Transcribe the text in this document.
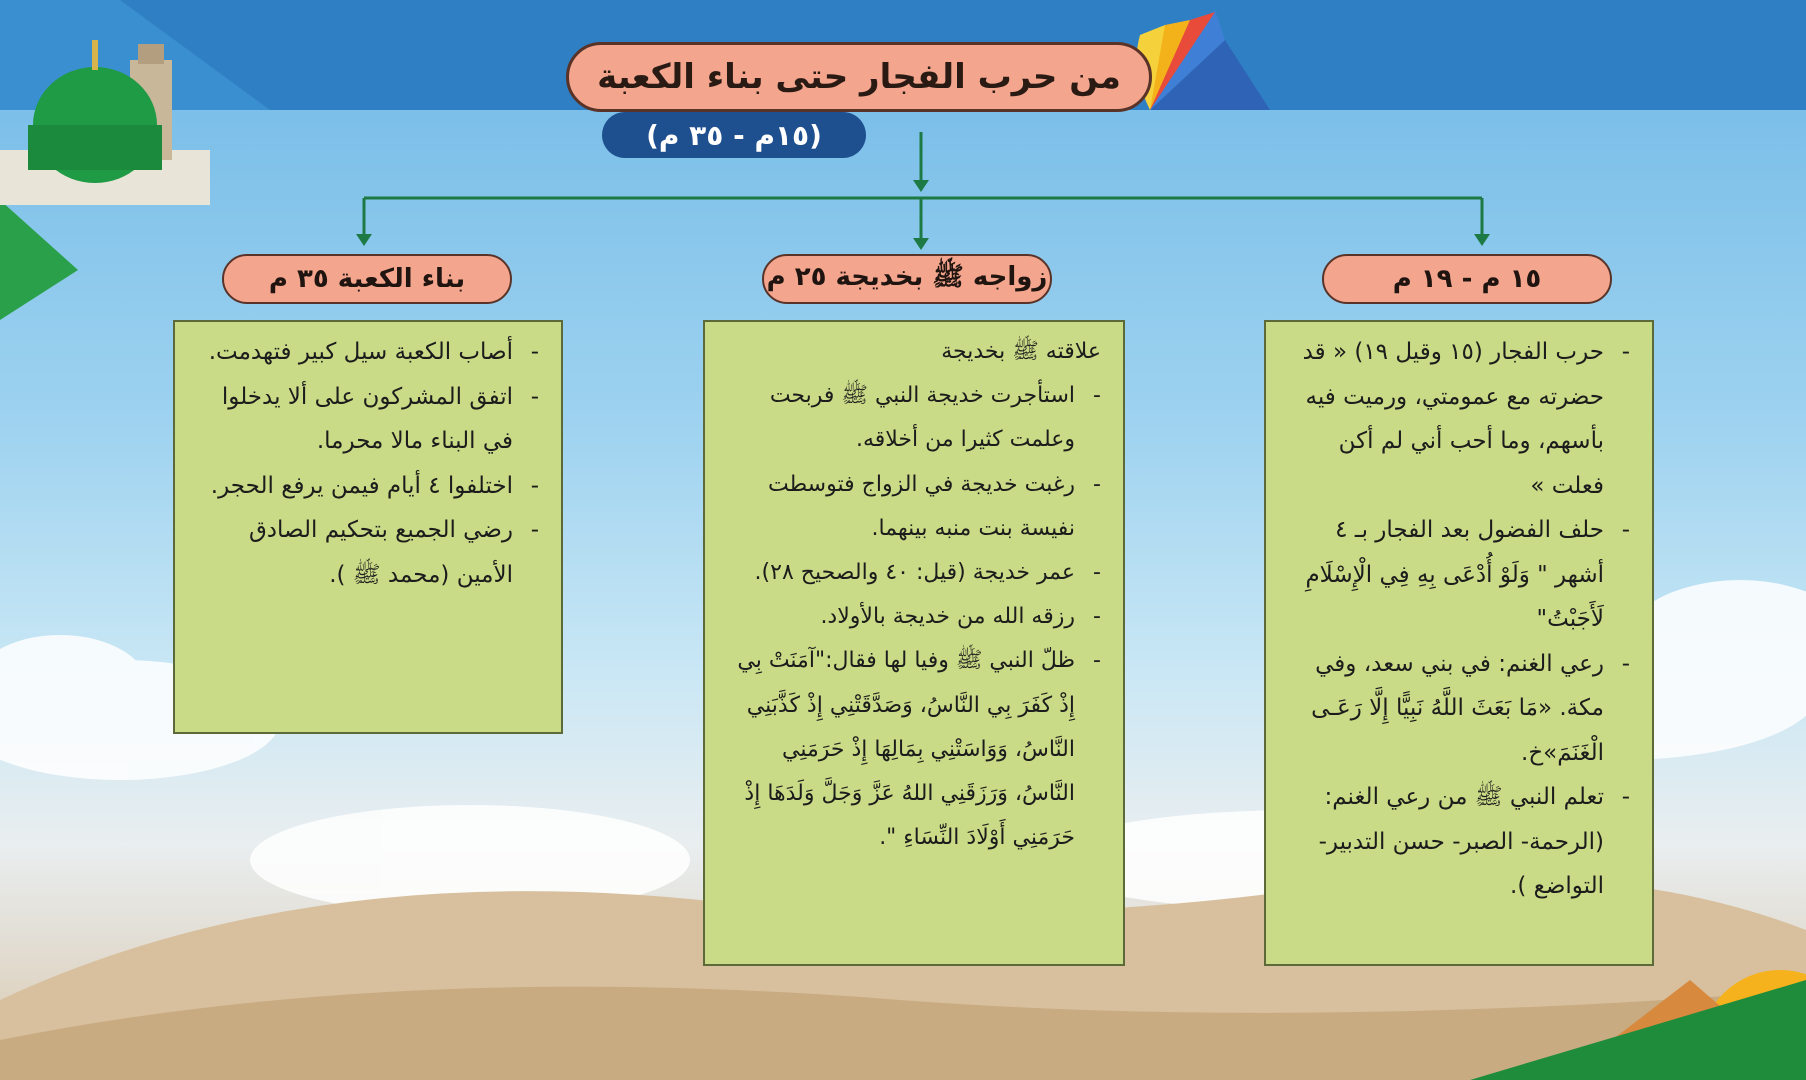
من حرب الفجار حتى بناء الكعبة
(١٥م - ٣٥ م)
١٥ م - ١٩ م
زواجه ﷺ بخديجة ٢٥ م
بناء الكعبة ٣٥ م
- حرب الفجار (١٥ وقيل ١٩) « قد حضرته مع عمومتي، ورميت فيه بأسهم، وما أحب أني لم أكن فعلت »
- حلف الفضول بعد الفجار بـ ٤ أشهر " وَلَوْ أُدْعَى بِهِ فِي الْإِسْلَامِ لَأَجَبْتُ"
- رعي الغنم: في بني سعد، وفي مكة. «مَا بَعَثَ اللَّهُ نَبِيًّا إِلَّا رَعَـى الْغَنَمَ»خ.
- تعلم النبي ﷺ من رعي الغنم: (الرحمة- الصبر- حسن التدبير- التواضع ).
علاقته ﷺ بخديجة
- استأجرت خديجة النبي ﷺ فربحت وعلمت كثيرا من أخلاقه.
- رغبت خديجة في الزواج فتوسطت نفيسة بنت منبه بينهما.
- عمر خديجة (قيل: ٤٠ والصحيح ٢٨).
- رزقه الله من خديجة بالأولاد.
- ظلّ النبي ﷺ وفيا لها فقال:"آمَنَتْ بِي إِذْ كَفَرَ بِي النَّاسُ، وَصَدَّقَتْنِي إِذْ كَذَّبَنِي النَّاسُ، وَوَاسَتْنِي بِمَالِهَا إِذْ حَرَمَنِي النَّاسُ، وَرَزَقَنِي اللهُ عَزَّ وَجَلَّ وَلَدَهَا إِذْ حَرَمَنِي أَوْلَادَ النِّسَاءِ ".
- أصاب الكعبة سيل كبير فتهدمت.
- اتفق المشركون على ألا يدخلوا في البناء مالا محرما.
- اختلفوا ٤ أيام فيمن يرفع الحجر.
- رضي الجميع بتحكيم الصادق الأمين (محمد ﷺ ).
